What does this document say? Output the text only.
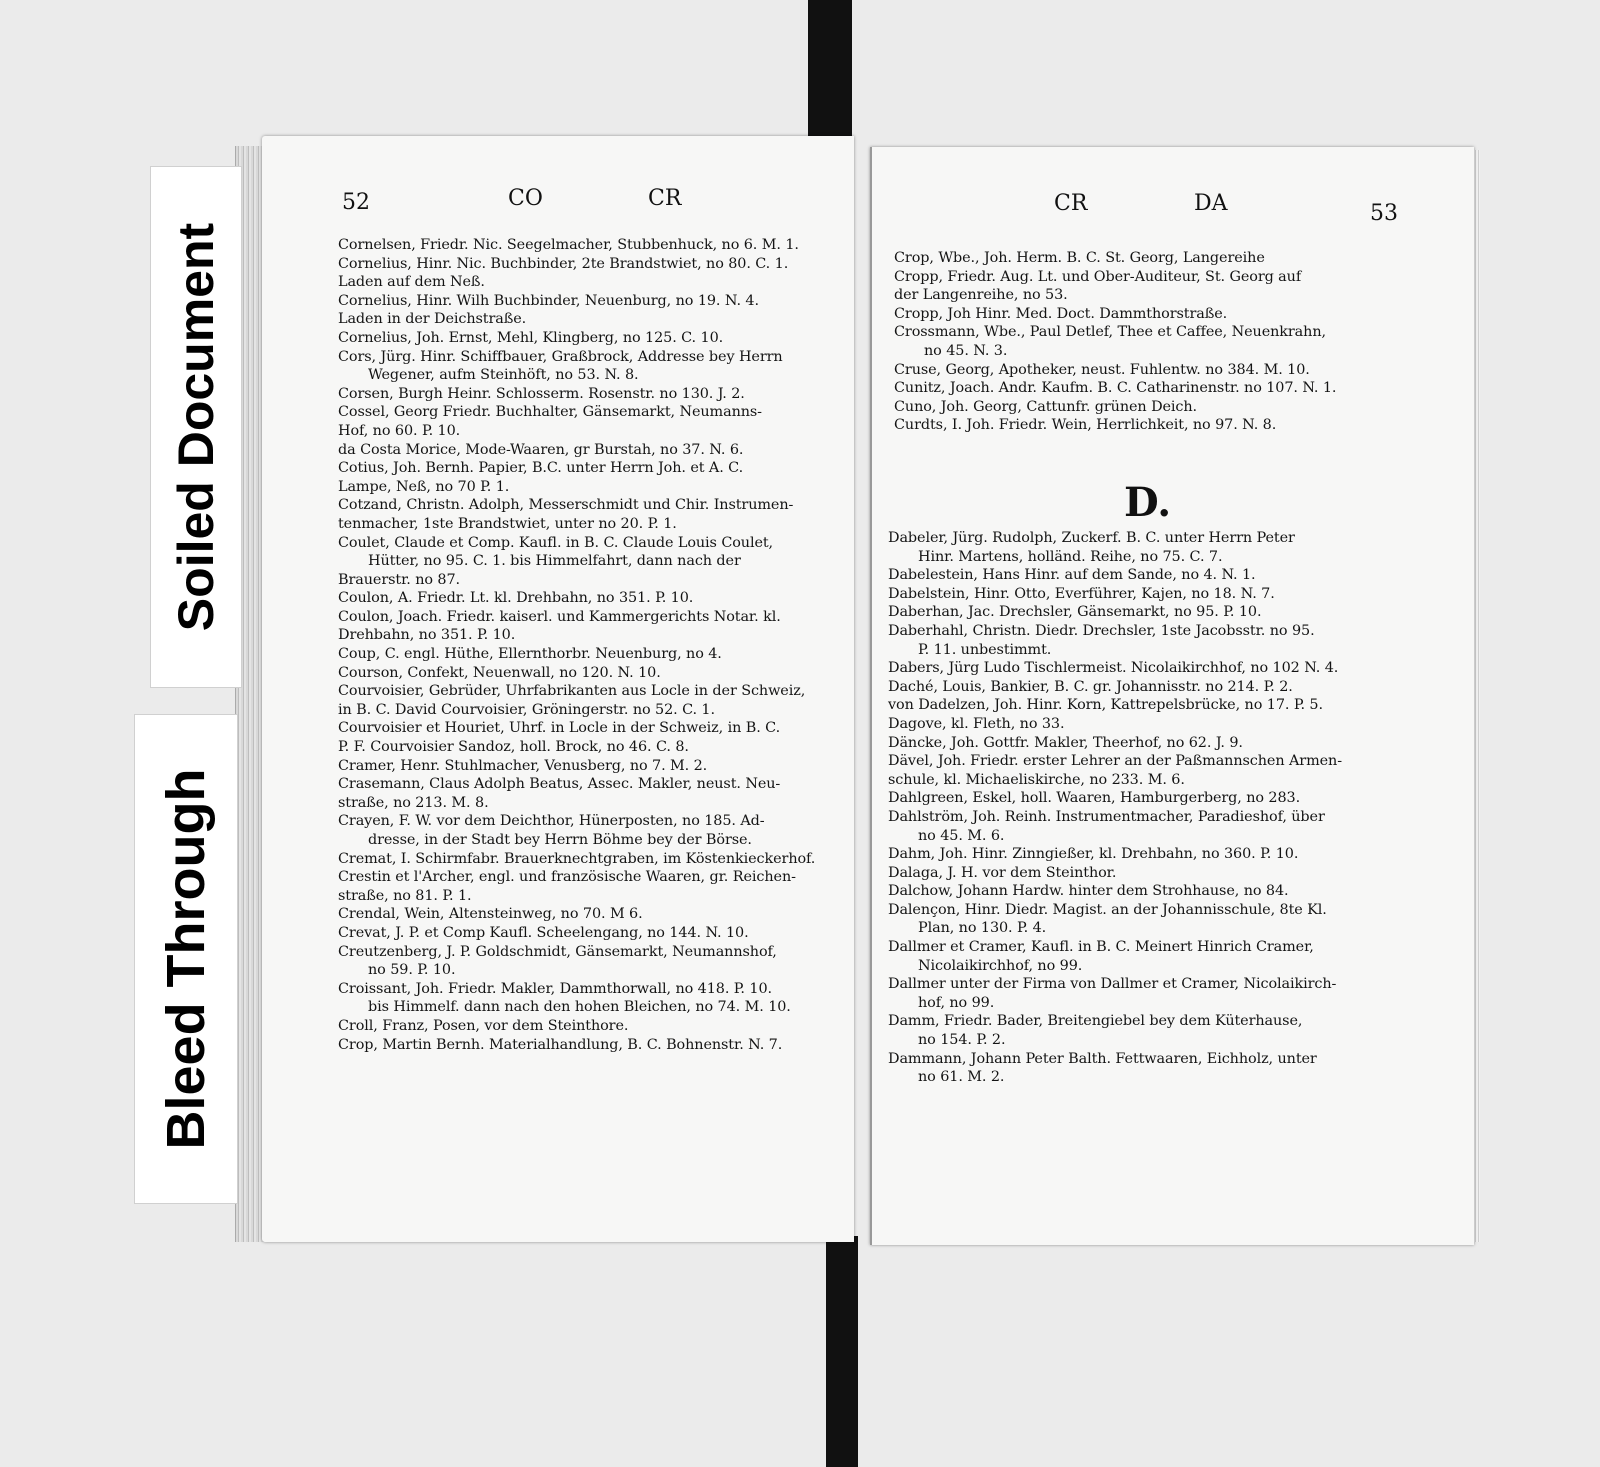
52	CO	CR
Cornelsen, Friedr. Nic. Seegelmacher, Stubbenhuck, no 6. M. 1.
Cornelius, Hinr. Nic. Buchbinder, 2te Brandstwiet, no 80. C. 1.
Laden auf dem Neß.
Cornelius, Hinr. Wilh Buchbinder, Neuenburg, no 19. N. 4.
Laden in der Deichstraße.
Cornelius, Joh. Ernst, Mehl, Klingberg, no 125. C. 10.
Cors, Jürg. Hinr. Schiffbauer, Graßbrock, Addresse bey Herrn
Wegener, aufm Steinhöft, no 53. N. 8.
Corsen, Burgh Heinr. Schlosserm. Rosenstr. no 130. J. 2.
Cossel, Georg Friedr. Buchhalter, Gänsemarkt, Neumanns-
Hof, no 60. P. 10.
da Costa Morice, Mode-Waaren, gr Burstah, no 37. N. 6.
Cotius, Joh. Bernh. Papier, B.C. unter Herrn Joh. et A. C.
Lampe, Neß, no 70 P. 1.
Cotzand, Christn. Adolph, Messerschmidt und Chir. Instrumen-
tenmacher, 1ste Brandstwiet, unter no 20. P. 1.
Coulet, Claude et Comp. Kaufl. in B. C. Claude Louis Coulet,
Hütter, no 95. C. 1. bis Himmelfahrt, dann nach der
Brauerstr. no 87.
Coulon, A. Friedr. Lt. kl. Drehbahn, no 351. P. 10.
Coulon, Joach. Friedr. kaiserl. und Kammergerichts Notar. kl.
Drehbahn, no 351. P. 10.
Coup, C. engl. Hüthe, Ellernthorbr. Neuenburg, no 4.
Courson, Confekt, Neuenwall, no 120. N. 10.
Courvoisier, Gebrüder, Uhrfabrikanten aus Locle in der Schweiz,
in B. C. David Courvoisier, Gröningerstr. no 52. C. 1.
Courvoisier et Houriet, Uhrf. in Locle in der Schweiz, in B. C.
P. F. Courvoisier Sandoz, holl. Brock, no 46. C. 8.
Cramer, Henr. Stuhlmacher, Venusberg, no 7. M. 2.
Crasemann, Claus Adolph Beatus, Assec. Makler, neust. Neu-
straße, no 213. M. 8.
Crayen, F. W. vor dem Deichthor, Hünerposten, no 185. Ad-
dresse, in der Stadt bey Herrn Böhme bey der Börse.
Cremat, I. Schirmfabr. Brauerknechtgraben, im Köstenkieckerhof.
Crestin et l'Archer, engl. und französische Waaren, gr. Reichen-
straße, no 81. P. 1.
Crendal, Wein, Altensteinweg, no 70. M 6.
Crevat, J. P. et Comp Kaufl. Scheelengang, no 144. N. 10.
Creutzenberg, J. P. Goldschmidt, Gänsemarkt, Neumannshof,
no 59. P. 10.
Croissant, Joh. Friedr. Makler, Dammthorwall, no 418. P. 10.
bis Himmelf. dann nach den hohen Bleichen, no 74. M. 10.
Croll, Franz, Posen, vor dem Steinthore.
Crop, Martin Bernh. Materialhandlung, B. C. Bohnenstr. N. 7.
CR	DA	53
Crop, Wbe., Joh. Herm. B. C. St. Georg, Langereihe
Cropp, Friedr. Aug. Lt. und Ober-Auditeur, St. Georg auf
der Langenreihe, no 53.
Cropp, Joh Hinr. Med. Doct. Dammthorstraße.
Crossmann, Wbe., Paul Detlef, Thee et Caffee, Neuenkrahn,
no 45. N. 3.
Cruse, Georg, Apotheker, neust. Fuhlentw. no 384. M. 10.
Cunitz, Joach. Andr. Kaufm. B. C. Catharinenstr. no 107. N. 1.
Cuno, Joh. Georg, Cattunfr. grünen Deich.
Curdts, I. Joh. Friedr. Wein, Herrlichkeit, no 97. N. 8.
D.
Dabeler, Jürg. Rudolph, Zuckerf. B. C. unter Herrn Peter
Hinr. Martens, holländ. Reihe, no 75. C. 7.
Dabelestein, Hans Hinr. auf dem Sande, no 4. N. 1.
Dabelstein, Hinr. Otto, Everführer, Kajen, no 18. N. 7.
Daberhan, Jac. Drechsler, Gänsemarkt, no 95. P. 10.
Daberhahl, Christn. Diedr. Drechsler, 1ste Jacobsstr. no 95.
P. 11. unbestimmt.
Dabers, Jürg Ludo Tischlermeist. Nicolaikirchhof, no 102 N. 4.
Daché, Louis, Bankier, B. C. gr. Johannisstr. no 214. P. 2.
von Dadelzen, Joh. Hinr. Korn, Kattrepelsbrücke, no 17. P. 5.
Dagove, kl. Fleth, no 33.
Däncke, Joh. Gottfr. Makler, Theerhof, no 62. J. 9.
Dävel, Joh. Friedr. erster Lehrer an der Paßmannschen Armen-
schule, kl. Michaeliskirche, no 233. M. 6.
Dahlgreen, Eskel, holl. Waaren, Hamburgerberg, no 283.
Dahlström, Joh. Reinh. Instrumentmacher, Paradieshof, über
no 45. M. 6.
Dahm, Joh. Hinr. Zinngießer, kl. Drehbahn, no 360. P. 10.
Dalaga, J. H. vor dem Steinthor.
Dalchow, Johann Hardw. hinter dem Strohhause, no 84.
Dalençon, Hinr. Diedr. Magist. an der Johannisschule, 8te Kl.
Plan, no 130. P. 4.
Dallmer et Cramer, Kaufl. in B. C. Meinert Hinrich Cramer,
Nicolaikirchhof, no 99.
Dallmer unter der Firma von Dallmer et Cramer, Nicolaikirch-
hof, no 99.
Damm, Friedr. Bader, Breitengiebel bey dem Küterhause,
no 154. P. 2.
Dammann, Johann Peter Balth. Fettwaaren, Eichholz, unter
no 61. M. 2.
Soiled Document
Bleed Through
